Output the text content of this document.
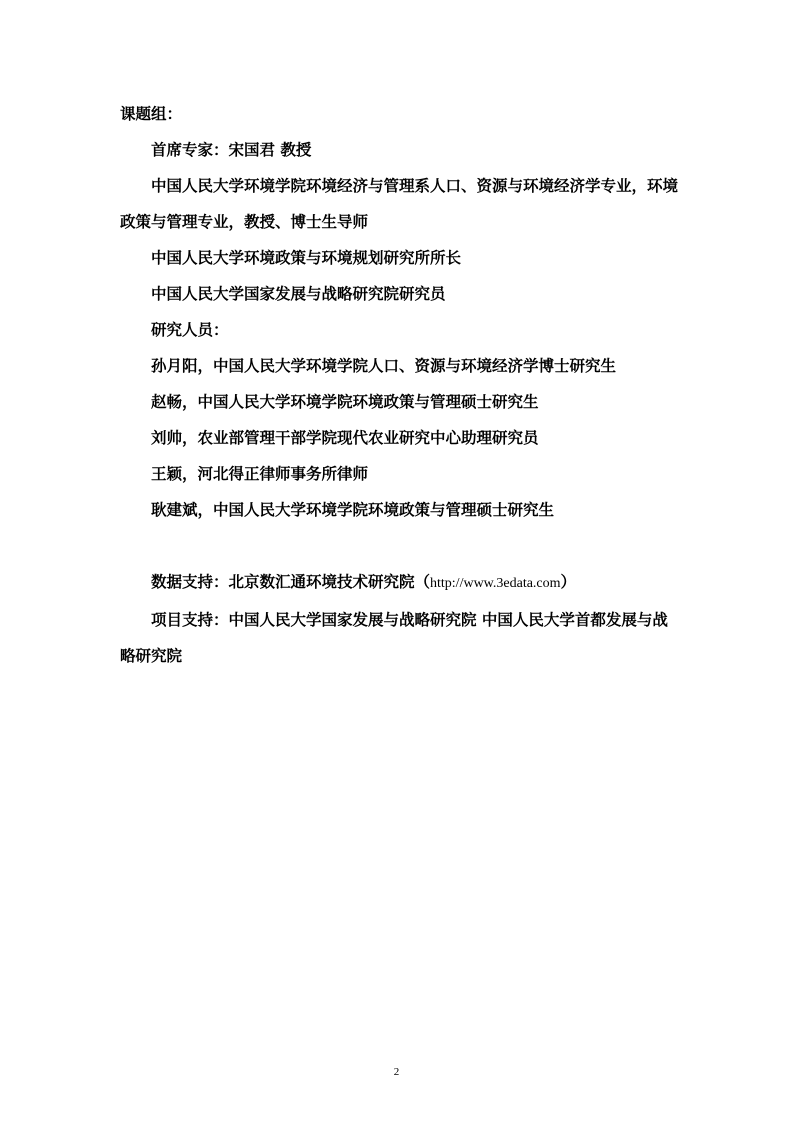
课题组：

首席专家：宋国君 教授

中国人民大学环境学院环境经济与管理系人口、资源与环境经济学专业，环境政策与管理专业，教授、博士生导师

中国人民大学环境政策与环境规划研究所所长

中国人民大学国家发展与战略研究院研究员

研究人员：

孙月阳，中国人民大学环境学院人口、资源与环境经济学博士研究生

赵畅，中国人民大学环境学院环境政策与管理硕士研究生

刘帅，农业部管理干部学院现代农业研究中心助理研究员

王颖，河北得正律师事务所律师

耿建斌，中国人民大学环境学院环境政策与管理硕士研究生

数据支持：北京数汇通环境技术研究院（http://www.3edata.com）

项目支持：中国人民大学国家发展与战略研究院 中国人民大学首都发展与战略研究院

2
